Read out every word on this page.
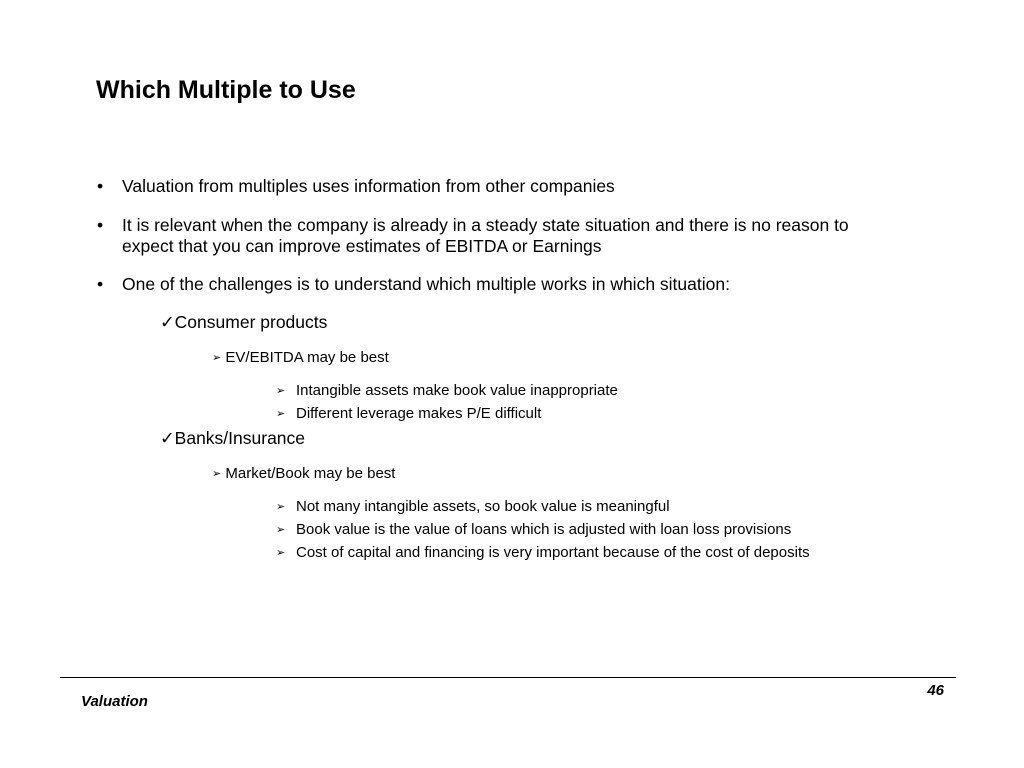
Which Multiple to Use
• Valuation from multiples uses information from other companies
• It is relevant when the company is already in a steady state situation and there is no reason to expect that you can improve estimates of EBITDA or Earnings
• One of the challenges is to understand which multiple works in which situation:
✓Consumer products
➢ EV/EBITDA may be best
➢ Intangible assets make book value inappropriate
➢ Different leverage makes P/E difficult
✓Banks/Insurance
➢ Market/Book may be best
➢ Not many intangible assets, so book value is meaningful
➢ Book value is the value of loans which is adjusted with loan loss provisions
➢ Cost of capital and financing is very important because of the cost of deposits
Valuation
46
